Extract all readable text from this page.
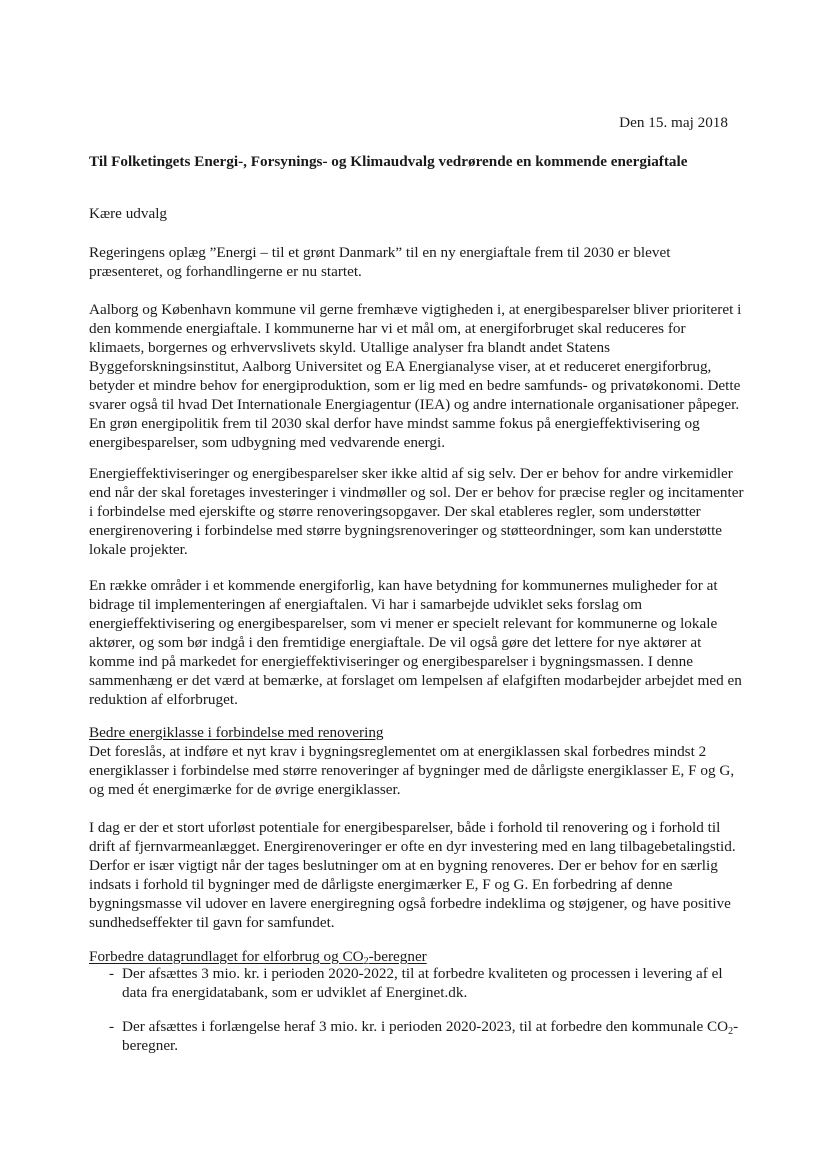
Den 15. maj 2018
Til Folketingets Energi-, Forsynings- og Klimaudvalg vedrørende en kommende energiaftale
Kære udvalg

Regeringens oplæg ”Energi – til et grønt Danmark” til en ny energiaftale frem til 2030 er blevet præsenteret, og forhandlingerne er nu startet.

Aalborg og København kommune vil gerne fremhæve vigtigheden i, at energibesparelser bliver prioriteret i den kommende energiaftale. I kommunerne har vi et mål om, at energiforbruget skal reduceres for klimaets, borgernes og erhvervslivets skyld. Utallige analyser fra blandt andet Statens Byggeforskningsinstitut, Aalborg Universitet og EA Energianalyse viser, at et reduceret energiforbrug, betyder et mindre behov for energiproduktion, som er lig med en bedre samfunds- og privatøkonomi. Dette svarer også til hvad Det Internationale Energiagentur (IEA) og andre internationale organisationer påpeger. En grøn energipolitik frem til 2030 skal derfor have mindst samme fokus på energieffektivisering og energibesparelser, som udbygning med vedvarende energi.

Energieffektiviseringer og energibesparelser sker ikke altid af sig selv. Der er behov for andre virkemidler end når der skal foretages investeringer i vindmøller og sol. Der er behov for præcise regler og incitamenter i forbindelse med ejerskifte og større renoveringsopgaver. Der skal etableres regler, som understøtter energirenovering i forbindelse med større bygningsrenoveringer og støtteordninger, som kan understøtte lokale projekter.

En række områder i et kommende energiforlig, kan have betydning for kommunernes muligheder for at bidrage til implementeringen af energiaftalen. Vi har i samarbejde udviklet seks forslag om energieffektivisering og energibesparelser, som vi mener er specielt relevant for kommunerne og lokale aktører, og som bør indgå i den fremtidige energiaftale. De vil også gøre det lettere for nye aktører at komme ind på markedet for energieffektiviseringer og energibesparelser i bygningsmassen. I denne sammenhæng er det værd at bemærke, at forslaget om lempelsen af elafgiften modarbejder arbejdet med en reduktion af elforbruget.

Bedre energiklasse i forbindelse med renovering

Det foreslås, at indføre et nyt krav i bygningsreglementet om at energiklassen skal forbedres mindst 2 energiklasser i forbindelse med større renoveringer af bygninger med de dårligste energiklasser E, F og G, og med ét energimærke for de øvrige energiklasser.

I dag er der et stort uforløst potentiale for energibesparelser, både i forhold til renovering og i forhold til drift af fjernvarmeanlægget. Energirenoveringer er ofte en dyr investering med en lang tilbagebetalingstid. Derfor er især vigtigt når der tages beslutninger om at en bygning renoveres. Der er behov for en særlig indsats i forhold til bygninger med de dårligste energimærker E, F og G. En forbedring af denne bygningsmasse vil udover en lavere energiregning også forbedre indeklima og støjgener, og have positive sundhedseffekter til gavn for samfundet.

Forbedre datagrundlaget for elforbrug og $CO_2$-beregner
- Der afsættes 3 mio. kr. i perioden 2020-2022, til at forbedre kvaliteten og processen i levering af el data fra energidatabank, som er udviklet af Energinet.dk.
- Der afsættes i forlængelse heraf 3 mio. kr. i perioden 2020-2023, til at forbedre den kommunale $CO_2$-beregner.
